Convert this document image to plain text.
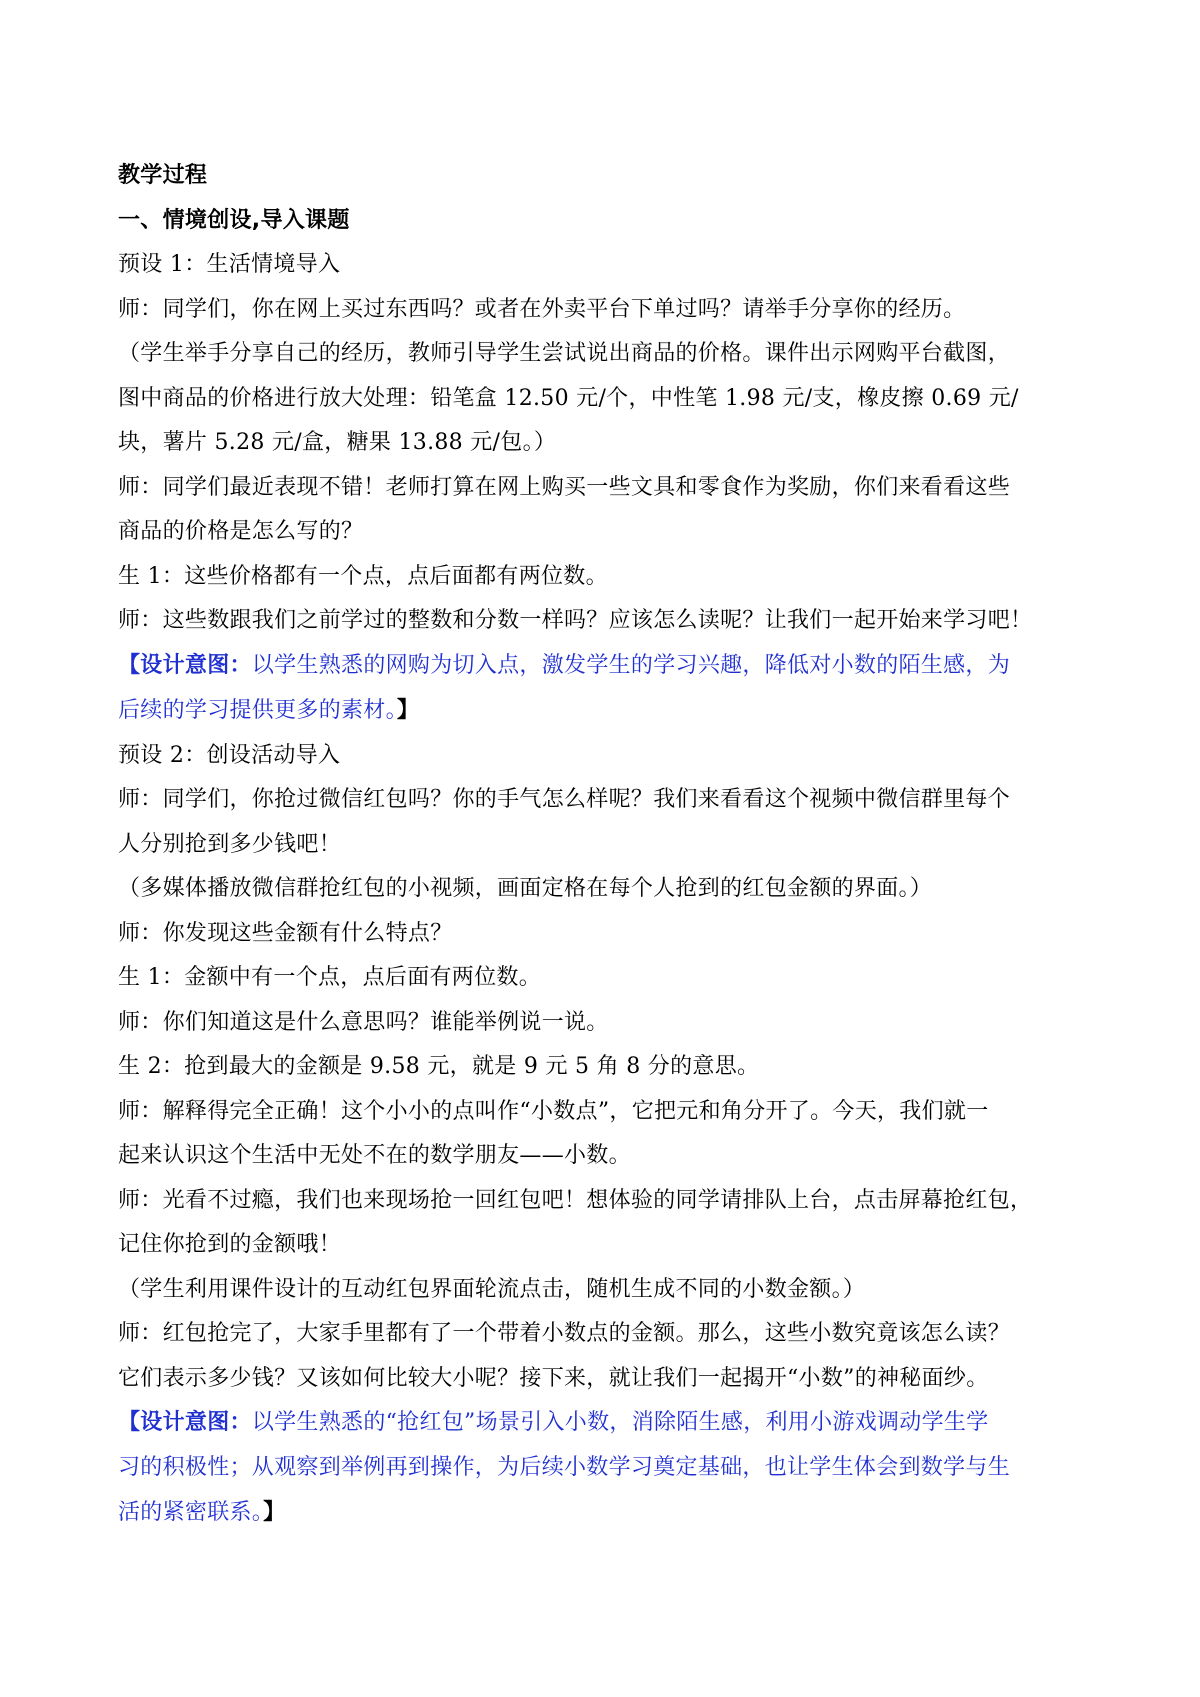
教学过程
一、情境创设,导入课题
预设 1：生活情境导入
师：同学们，你在网上买过东西吗？或者在外卖平台下单过吗？请举手分享你的经历。
（学生举手分享自己的经历，教师引导学生尝试说出商品的价格。课件出示网购平台截图，
图中商品的价格进行放大处理：铅笔盒 12.50 元/个，中性笔 1.98 元/支，橡皮擦 0.69 元/
块，薯片 5.28 元/盒，糖果 13.88 元/包。）
师：同学们最近表现不错！老师打算在网上购买一些文具和零食作为奖励，你们来看看这些
商品的价格是怎么写的？
生 1：这些价格都有一个点，点后面都有两位数。
师：这些数跟我们之前学过的整数和分数一样吗？应该怎么读呢？让我们一起开始来学习吧！
【设计意图：以学生熟悉的网购为切入点，激发学生的学习兴趣，降低对小数的陌生感，为
后续的学习提供更多的素材。】
预设 2：创设活动导入
师：同学们，你抢过微信红包吗？你的手气怎么样呢？我们来看看这个视频中微信群里每个
人分别抢到多少钱吧！
（多媒体播放微信群抢红包的小视频，画面定格在每个人抢到的红包金额的界面。）
师：你发现这些金额有什么特点？
生 1：金额中有一个点，点后面有两位数。
师：你们知道这是什么意思吗？谁能举例说一说。
生 2：抢到最大的金额是 9.58 元，就是 9 元 5 角 8 分的意思。
师：解释得完全正确！这个小小的点叫作“小数点”，它把元和角分开了。今天，我们就一
起来认识这个生活中无处不在的数学朋友——小数。
师：光看不过瘾，我们也来现场抢一回红包吧！想体验的同学请排队上台，点击屏幕抢红包，
记住你抢到的金额哦！
（学生利用课件设计的互动红包界面轮流点击，随机生成不同的小数金额。）
师：红包抢完了，大家手里都有了一个带着小数点的金额。那么，这些小数究竟该怎么读？
它们表示多少钱？又该如何比较大小呢？接下来，就让我们一起揭开“小数”的神秘面纱。
【设计意图：以学生熟悉的“抢红包”场景引入小数，消除陌生感，利用小游戏调动学生学
习的积极性；从观察到举例再到操作，为后续小数学习奠定基础，也让学生体会到数学与生
活的紧密联系。】
